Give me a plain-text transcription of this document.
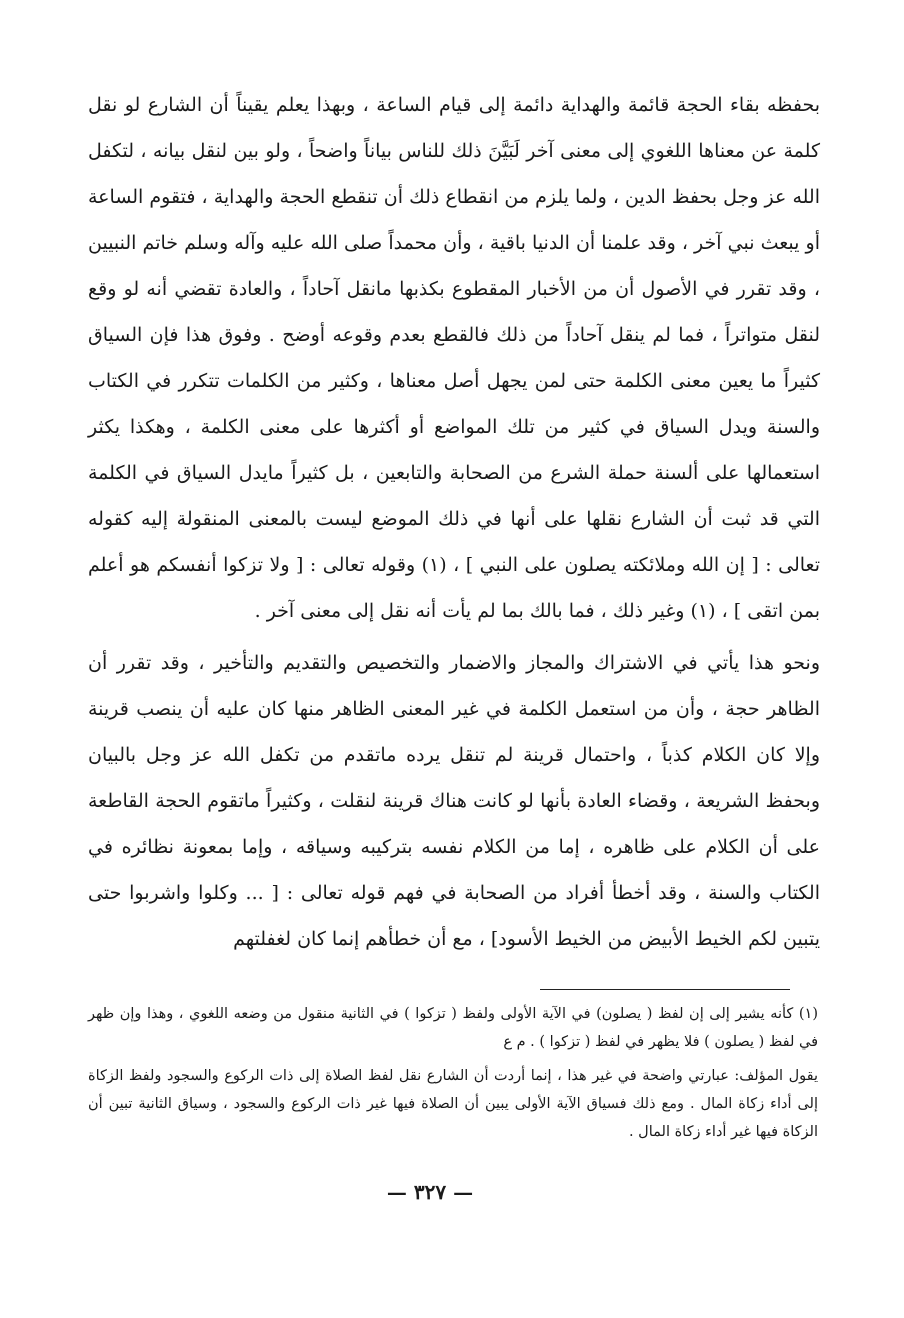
بحفظه بقاء الحجة قائمة والهداية دائمة إلى قيام الساعة ، وبهذا يعلم يقيناً أن الشارع لو نقل كلمة عن معناها اللغوي إلى معنى آخر لَبَيَّنَ ذلك للناس بياناً واضحاً ، ولو بين لنقل بيانه ، لتكفل الله عز وجل بحفظ الدين ، ولما يلزم من انقطاع ذلك أن تنقطع الحجة والهداية ، فتقوم الساعة أو يبعث نبي آخر ، وقد علمنا أن الدنيا باقية ، وأن محمداً صلى الله عليه وآله وسلم خاتم النبيين ، وقد تقرر في الأصول أن من الأخبار المقطوع بكذبها مانقل آحاداً ، والعادة تقضي أنه لو وقع لنقل متواتراً ، فما لم ينقل آحاداً من ذلك فالقطع بعدم وقوعه أوضح . وفوق هذا فإن السياق كثيراً ما يعين معنى الكلمة حتى لمن يجهل أصل معناها ، وكثير من الكلمات تتكرر في الكتاب والسنة ويدل السياق في كثير من تلك المواضع أو أكثرها على معنى الكلمة ، وهكذا يكثر استعمالها على ألسنة حملة الشرع من الصحابة والتابعين ، بل كثيراً مايدل السياق في الكلمة التي قد ثبت أن الشارع نقلها على أنها في ذلك الموضع ليست بالمعنى المنقولة إليه كقوله تعالى : [ إن الله وملائكته يصلون على النبي ] ، (١) وقوله تعالى : [ ولا تزكوا أنفسكم هو أعلم بمن اتقى ] ، (١) وغير ذلك ، فما بالك بما لم يأت أنه نقل إلى معنى آخر .

ونحو هذا يأتي في الاشتراك والمجاز والاضمار والتخصيص والتقديم والتأخير ، وقد تقرر أن الظاهر حجة ، وأن من استعمل الكلمة في غير المعنى الظاهر منها كان عليه أن ينصب قرينة وإلا كان الكلام كذباً ، واحتمال قرينة لم تنقل يرده ماتقدم من تكفل الله عز وجل بالبيان وبحفظ الشريعة ، وقضاء العادة بأنها لو كانت هناك قرينة لنقلت ، وكثيراً ماتقوم الحجة القاطعة على أن الكلام على ظاهره ، إما من الكلام نفسه بتركيبه وسياقه ، وإما بمعونة نظائره في الكتاب والسنة ، وقد أخطأ أفراد من الصحابة في فهم قوله تعالى : [ ... وكلوا واشربوا حتى يتبين لكم الخيط الأبيض من الخيط الأسود] ، مع أن خطأهم إنما كان لغفلتهم

(١) كأنه يشير إلى إن لفظ ( يصلون) في الآية الأولى ولفظ ( تزكوا ) في الثانية منقول من وضعه اللغوي ، وهذا وإن ظهر في لفظ ( يصلون ) فلا يظهر في لفظ ( تزكوا ) . م ع

يقول المؤلف: عبارتي واضحة في غير هذا ، إنما أردت أن الشارع نقل لفظ الصلاة إلى ذات الركوع والسجود ولفظ الزكاة إلى أداء زكاة المال . ومع ذلك فسياق الآية الأولى يبين أن الصلاة فيها غير ذات الركوع والسجود ، وسياق الثانية تبين أن الزكاة فيها غير أداء زكاة المال .

— ٣٢٧ —
